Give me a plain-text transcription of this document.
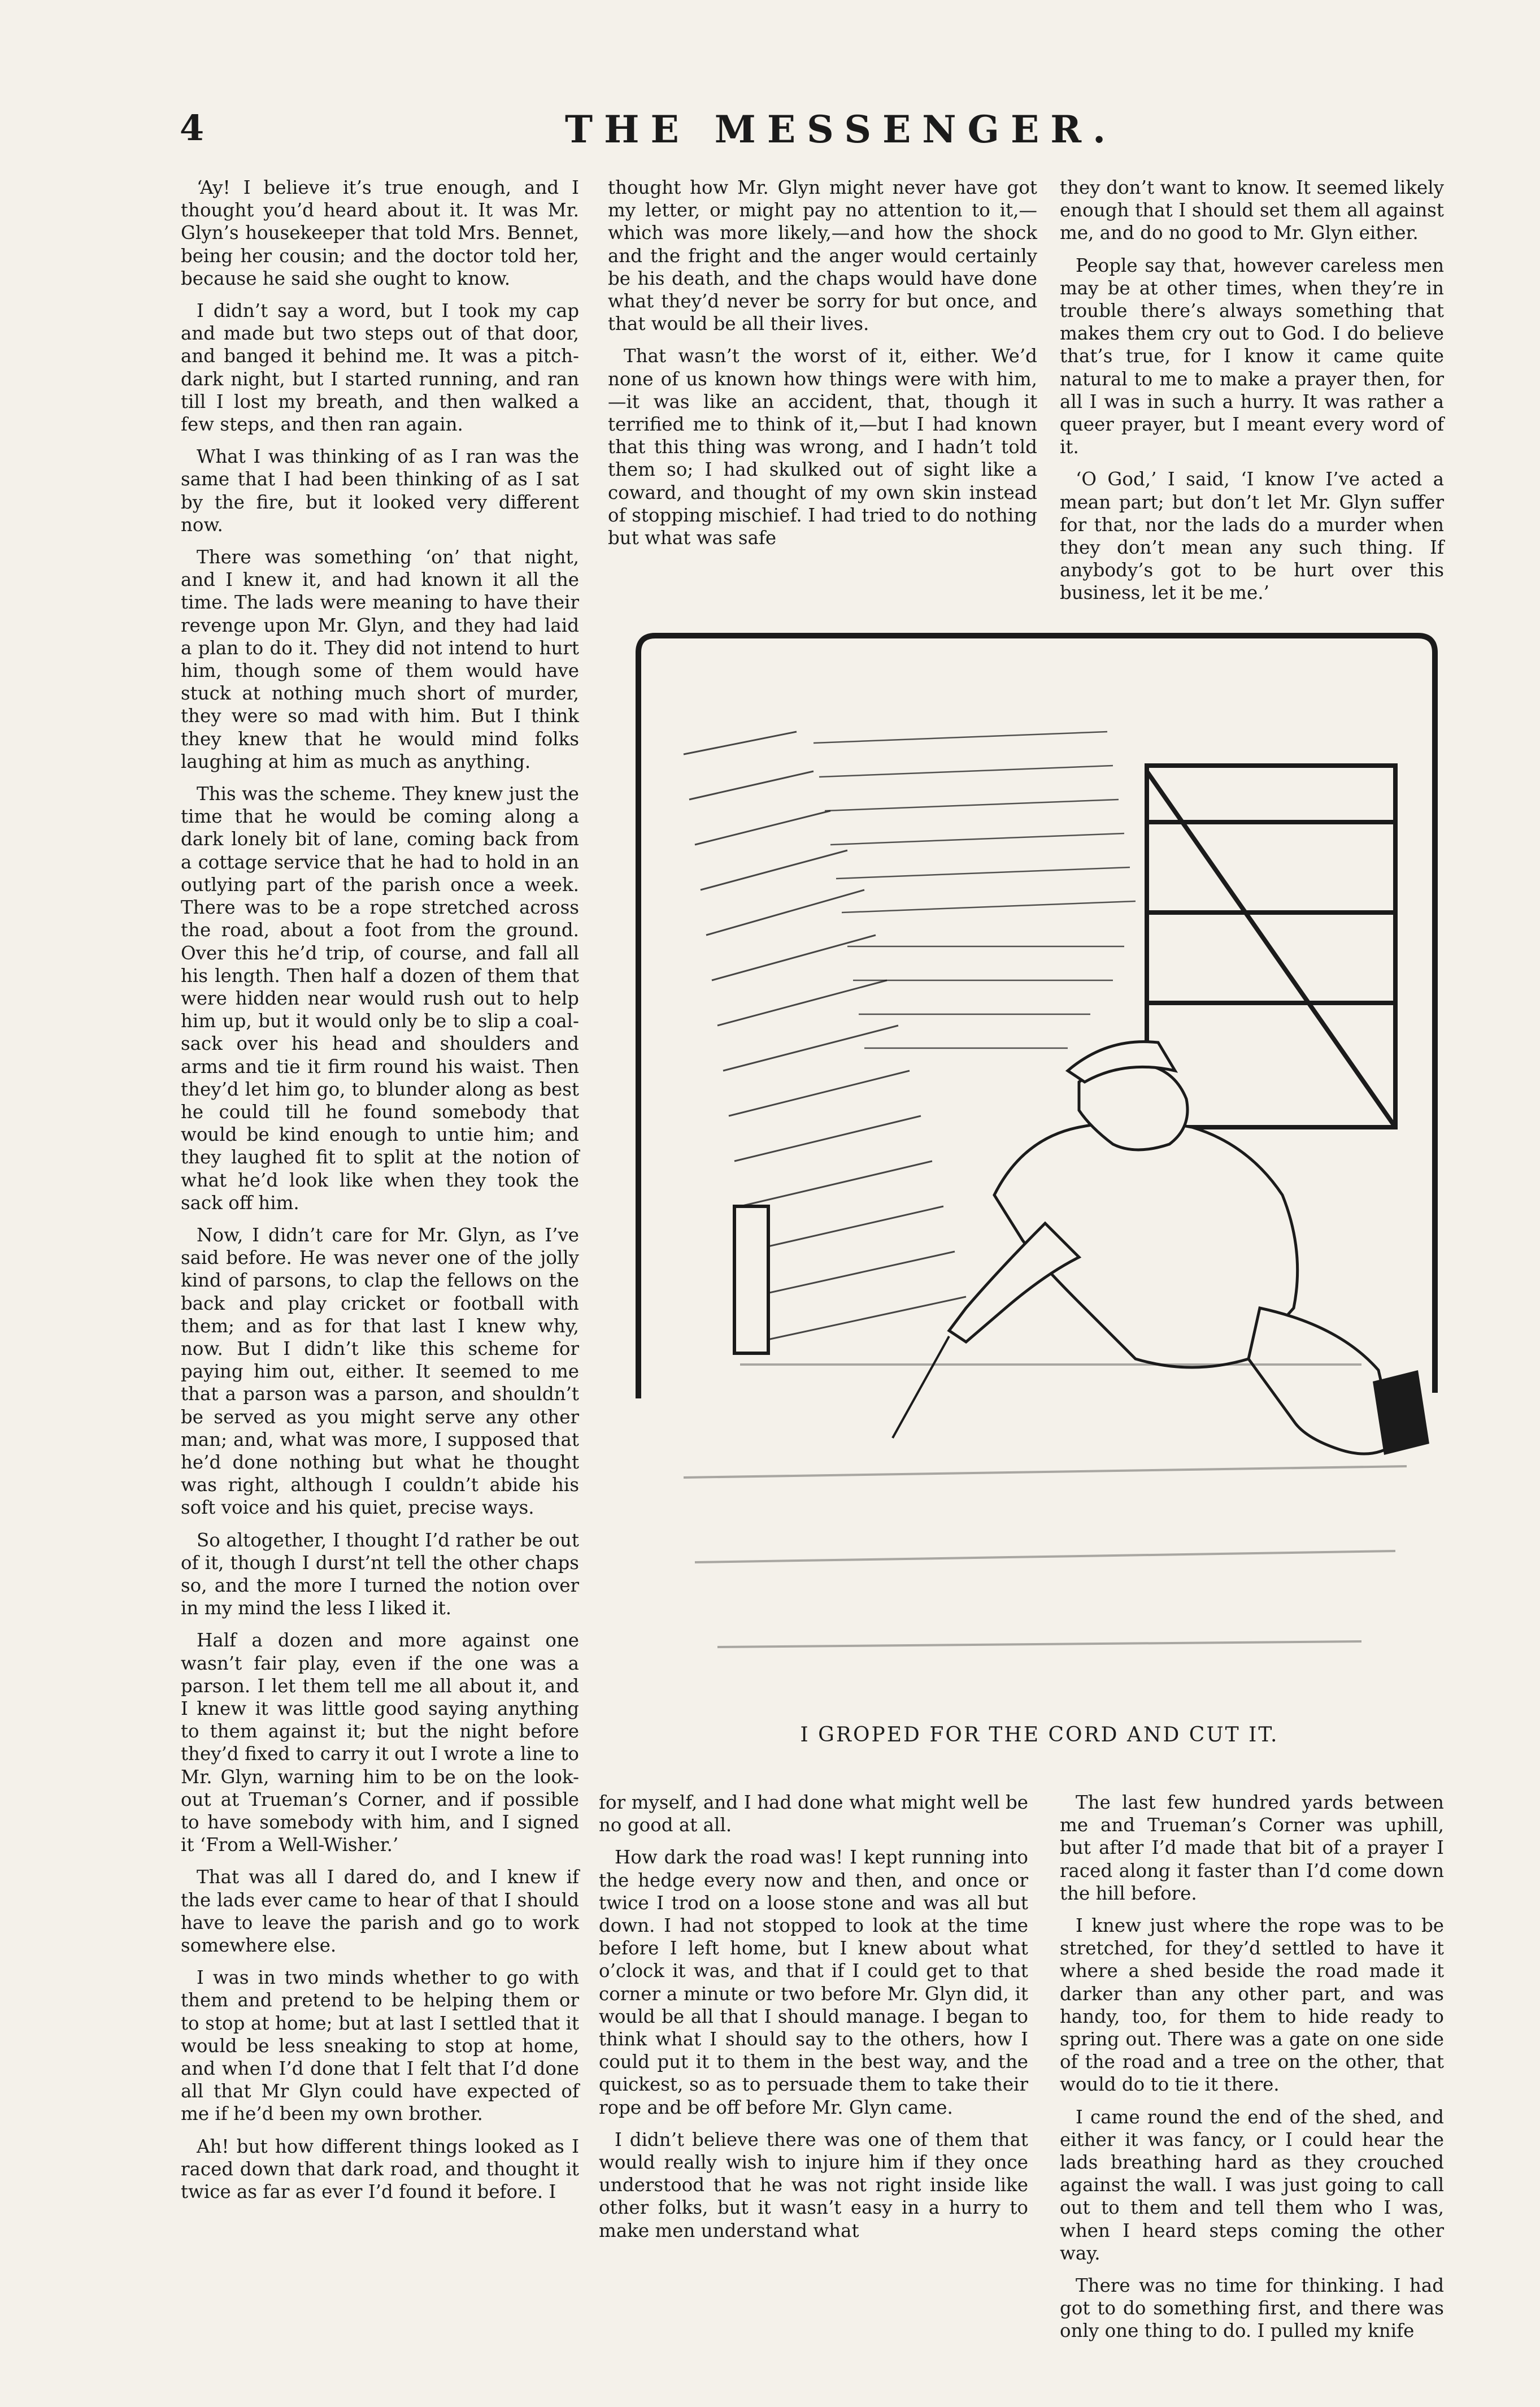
4	THE MESSENGER.

‘Ay! I believe it’s true enough, and I thought you’d heard about it. It was Mr. Glyn’s housekeeper that told Mrs. Bennet, being her cousin; and the doctor told her, because he said she ought to know.

I didn’t say a word, but I took my cap and made but two steps out of that door, and banged it behind me. It was a pitch-dark night, but I started running, and ran till I lost my breath, and then walked a few steps, and then ran again.

What I was thinking of as I ran was the same that I had been thinking of as I sat by the fire, but it looked very different now.

There was something ‘on’ that night, and I knew it, and had known it all the time. The lads were meaning to have their revenge upon Mr. Glyn, and they had laid a plan to do it. They did not intend to hurt him, though some of them would have stuck at nothing much short of murder, they were so mad with him. But I think they knew that he would mind folks laughing at him as much as anything.

This was the scheme. They knew just the time that he would be coming along a dark lonely bit of lane, coming back from a cottage service that he had to hold in an outlying part of the parish once a week. There was to be a rope stretched across the road, about a foot from the ground. Over this he’d trip, of course, and fall all his length. Then half a dozen of them that were hidden near would rush out to help him up, but it would only be to slip a coal-sack over his head and shoulders and arms and tie it firm round his waist. Then they’d let him go, to blunder along as best he could till he found somebody that would be kind enough to untie him; and they laughed fit to split at the notion of what he’d look like when they took the sack off him.

Now, I didn’t care for Mr. Glyn, as I’ve said before. He was never one of the jolly kind of parsons, to clap the fellows on the back and play cricket or football with them; and as for that last I knew why, now. But I didn’t like this scheme for paying him out, either. It seemed to me that a parson was a parson, and shouldn’t be served as you might serve any other man; and, what was more, I supposed that he’d done nothing but what he thought was right, although I couldn’t abide his soft voice and his quiet, precise ways.

So altogether, I thought I’d rather be out of it, though I durst’nt tell the other chaps so, and the more I turned the notion over in my mind the less I liked it.

Half a dozen and more against one wasn’t fair play, even if the one was a parson. I let them tell me all about it, and I knew it was little good saying anything to them against it; but the night before they’d fixed to carry it out I wrote a line to Mr. Glyn, warning him to be on the look-out at Trueman’s Corner, and if possible to have somebody with him, and I signed it ‘From a Well-Wisher.’

That was all I dared do, and I knew if the lads ever came to hear of that I should have to leave the parish and go to work somewhere else.

I was in two minds whether to go with them and pretend to be helping them or to stop at home; but at last I settled that it would be less sneaking to stop at home, and when I’d done that I felt that I’d done all that Mr Glyn could have expected of me if he’d been my own brother.

Ah! but how different things looked as I raced down that dark road, and thought it twice as far as ever I’d found it before. I

thought how Mr. Glyn might never have got my letter, or might pay no attention to it,—which was more likely,—and how the shock and the fright and the anger would certainly be his death, and the chaps would have done what they’d never be sorry for but once, and that would be all their lives.

That wasn’t the worst of it, either. We’d none of us known how things were with him,—it was like an accident, that, though it terrified me to think of it,—but I had known that this thing was wrong, and I hadn’t told them so; I had skulked out of sight like a coward, and thought of my own skin instead of stopping mischief. I had tried to do nothing but what was safe

they don’t want to know. It seemed likely enough that I should set them all against me, and do no good to Mr. Glyn either.

People say that, however careless men may be at other times, when they’re in trouble there’s always something that makes them cry out to God. I do believe that’s true, for I know it came quite natural to me to make a prayer then, for all I was in such a hurry. It was rather a queer prayer, but I meant every word of it.

‘O God,’ I said, ‘I know I’ve acted a mean part; but don’t let Mr. Glyn suffer for that, nor the lads do a murder when they don’t mean any such thing. If anybody’s got to be hurt over this business, let it be me.’

I GROPED FOR THE CORD AND CUT IT.

for myself, and I had done what might well be no good at all.

How dark the road was! I kept running into the hedge every now and then, and once or twice I trod on a loose stone and was all but down. I had not stopped to look at the time before I left home, but I knew about what o’clock it was, and that if I could get to that corner a minute or two before Mr. Glyn did, it would be all that I should manage. I began to think what I should say to the others, how I could put it to them in the best way, and the quickest, so as to persuade them to take their rope and be off before Mr. Glyn came.

I didn’t believe there was one of them that would really wish to injure him if they once understood that he was not right inside like other folks, but it wasn’t easy in a hurry to make men understand what

The last few hundred yards between me and Trueman’s Corner was uphill, but after I’d made that bit of a prayer I raced along it faster than I’d come down the hill before.

I knew just where the rope was to be stretched, for they’d settled to have it where a shed beside the road made it darker than any other part, and was handy, too, for them to hide ready to spring out. There was a gate on one side of the road and a tree on the other, that would do to tie it there.

I came round the end of the shed, and either it was fancy, or I could hear the lads breathing hard as they crouched against the wall. I was just going to call out to them and tell them who I was, when I heard steps coming the other way.

There was no time for thinking. I had got to do something first, and there was only one thing to do. I pulled my knife
